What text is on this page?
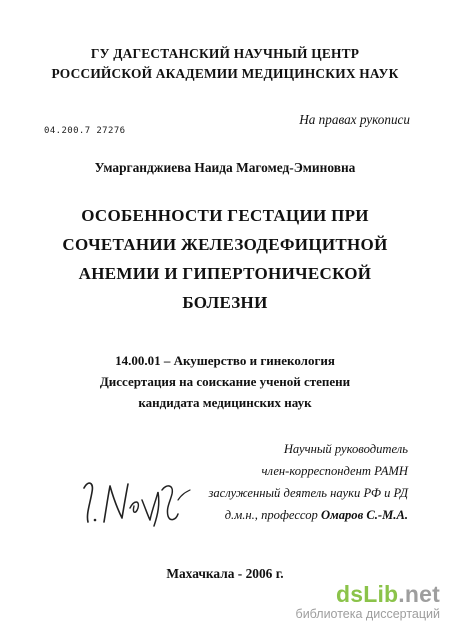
ГУ ДАГЕСТАНСКИЙ НАУЧНЫЙ ЦЕНТР
РОССИЙСКОЙ АКАДЕМИИ МЕДИЦИНСКИХ НАУК
На правах рукописи
04.200.7 27276
Умарганджиева Наида Магомед-Эминовна
ОСОБЕННОСТИ ГЕСТАЦИИ ПРИ
СОЧЕТАНИИ ЖЕЛЕЗОДЕФИЦИТНОЙ
АНЕМИИ И ГИПЕРТОНИЧЕСКОЙ
БОЛЕЗНИ
14.00.01 – Акушерство и гинекология
Диссертация на соискание ученой степени
кандидата медицинских наук
Научный руководитель
член-корреспондент РАМН
заслуженный деятель науки РФ и РД
д.м.н., профессор Омаров С.-М.А.
Махачкала - 2006 г.
dsLib.net
библиотека диссертаций
